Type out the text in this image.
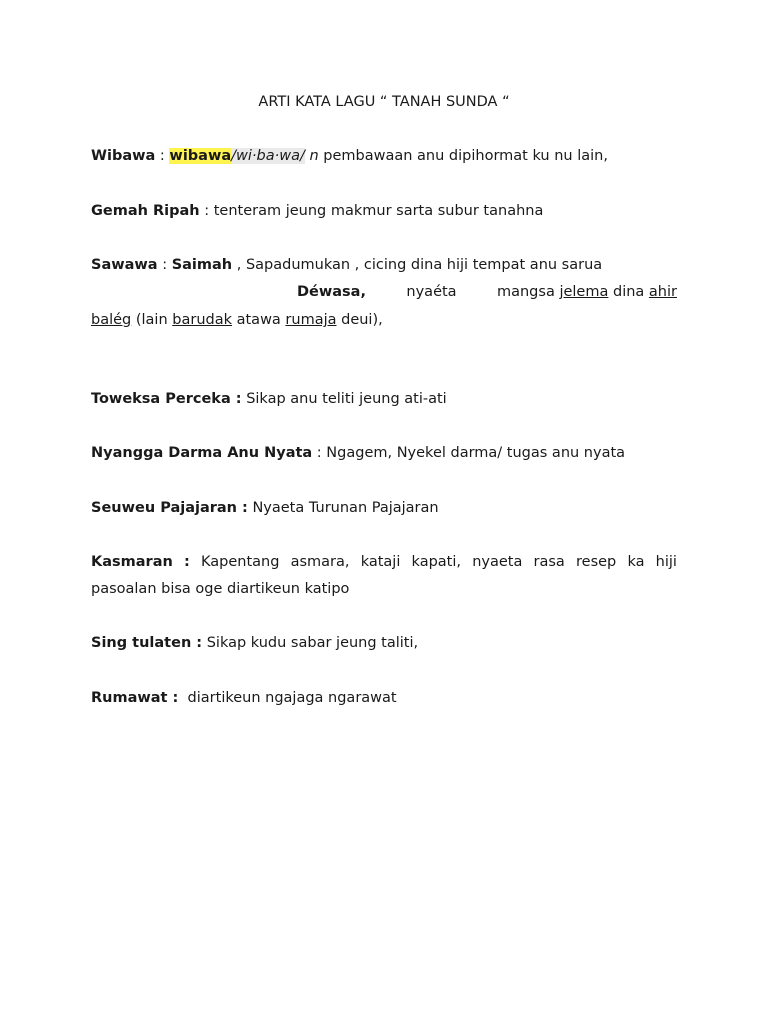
ARTI KATA LAGU “ TANAH SUNDA “
Wibawa : wibawa/wi·ba·wa/ n pembawaan anu dipihormat ku nu lain,
Gemah Ripah : tenteram jeung makmur sarta subur tanahna
Sawawa : Saimah , Sapadumukan , cicing dina hiji tempat anu sarua
Déwasa,	nyaéta	mangsa jelema dina ahir
balég (lain barudak atawa rumaja deui),
Toweksa Perceka : Sikap anu teliti jeung ati-ati
Nyangga Darma Anu Nyata : Ngagem, Nyekel darma/ tugas anu nyata
Seuweu Pajajaran : Nyaeta Turunan Pajajaran
Kasmaran : Kapentang asmara, kataji kapati, nyaeta rasa resep ka hiji
pasoalan bisa oge diartikeun katipo
Sing tulaten : Sikap kudu sabar jeung taliti,
Rumawat :  diartikeun ngajaga ngarawat
